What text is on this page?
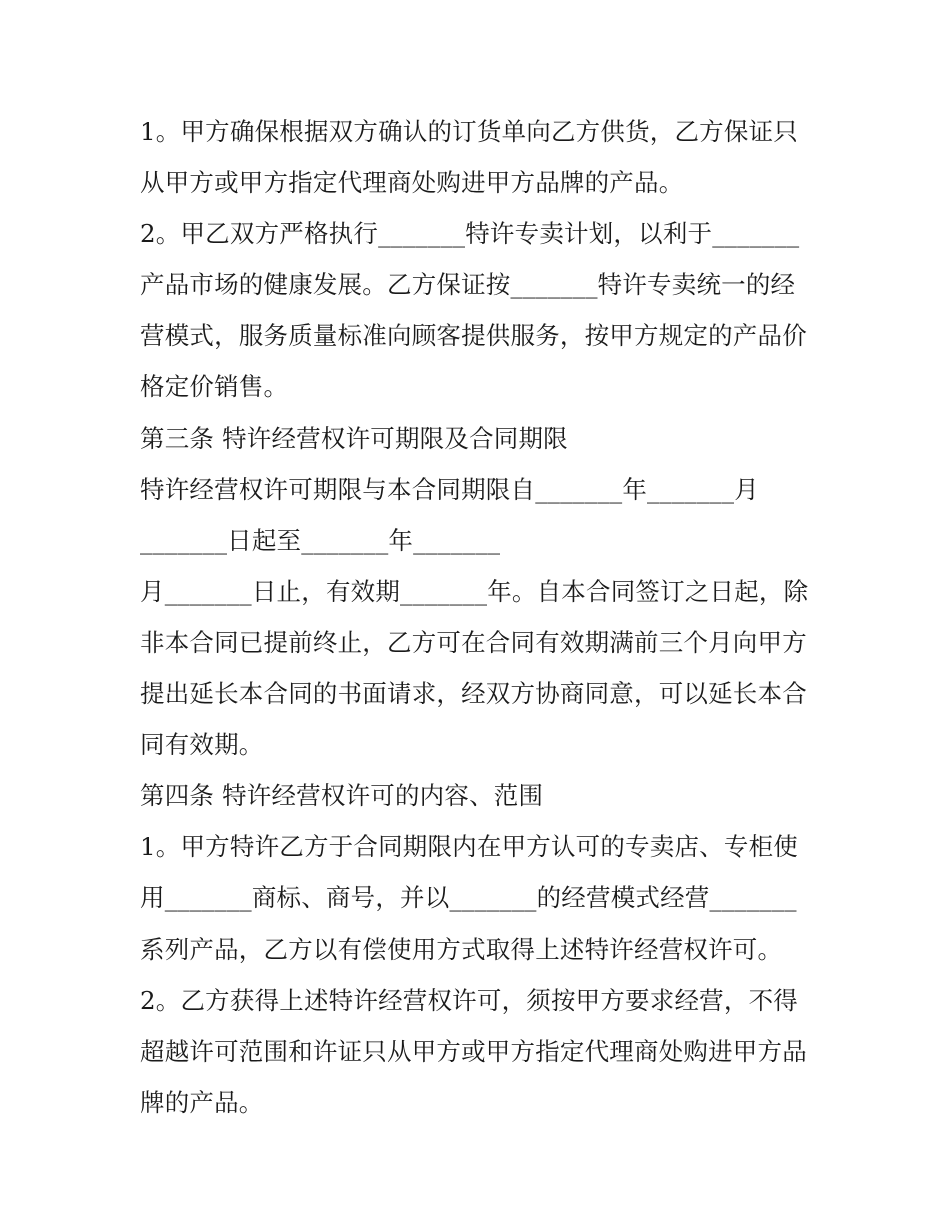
1。甲方确保根据双方确认的订货单向乙方供货，乙方保证只
从甲方或甲方指定代理商处购进甲方品牌的产品。
2。甲乙双方严格执行_______特许专卖计划，以利于_______
产品市场的健康发展。乙方保证按_______特许专卖统一的经
营模式，服务质量标准向顾客提供服务，按甲方规定的产品价
格定价销售。
第三条 特许经营权许可期限及合同期限
特许经营权许可期限与本合同期限自_______年_______月
_______日起至_______年_______
月_______日止，有效期_______年。自本合同签订之日起，除
非本合同已提前终止，乙方可在合同有效期满前三个月向甲方
提出延长本合同的书面请求，经双方协商同意，可以延长本合
同有效期。
第四条 特许经营权许可的内容、范围
1。甲方特许乙方于合同期限内在甲方认可的专卖店、专柜使
用_______商标、商号，并以_______的经营模式经营_______
系列产品，乙方以有偿使用方式取得上述特许经营权许可。
2。乙方获得上述特许经营权许可，须按甲方要求经营，不得
超越许可范围和许证只从甲方或甲方指定代理商处购进甲方品
牌的产品。
